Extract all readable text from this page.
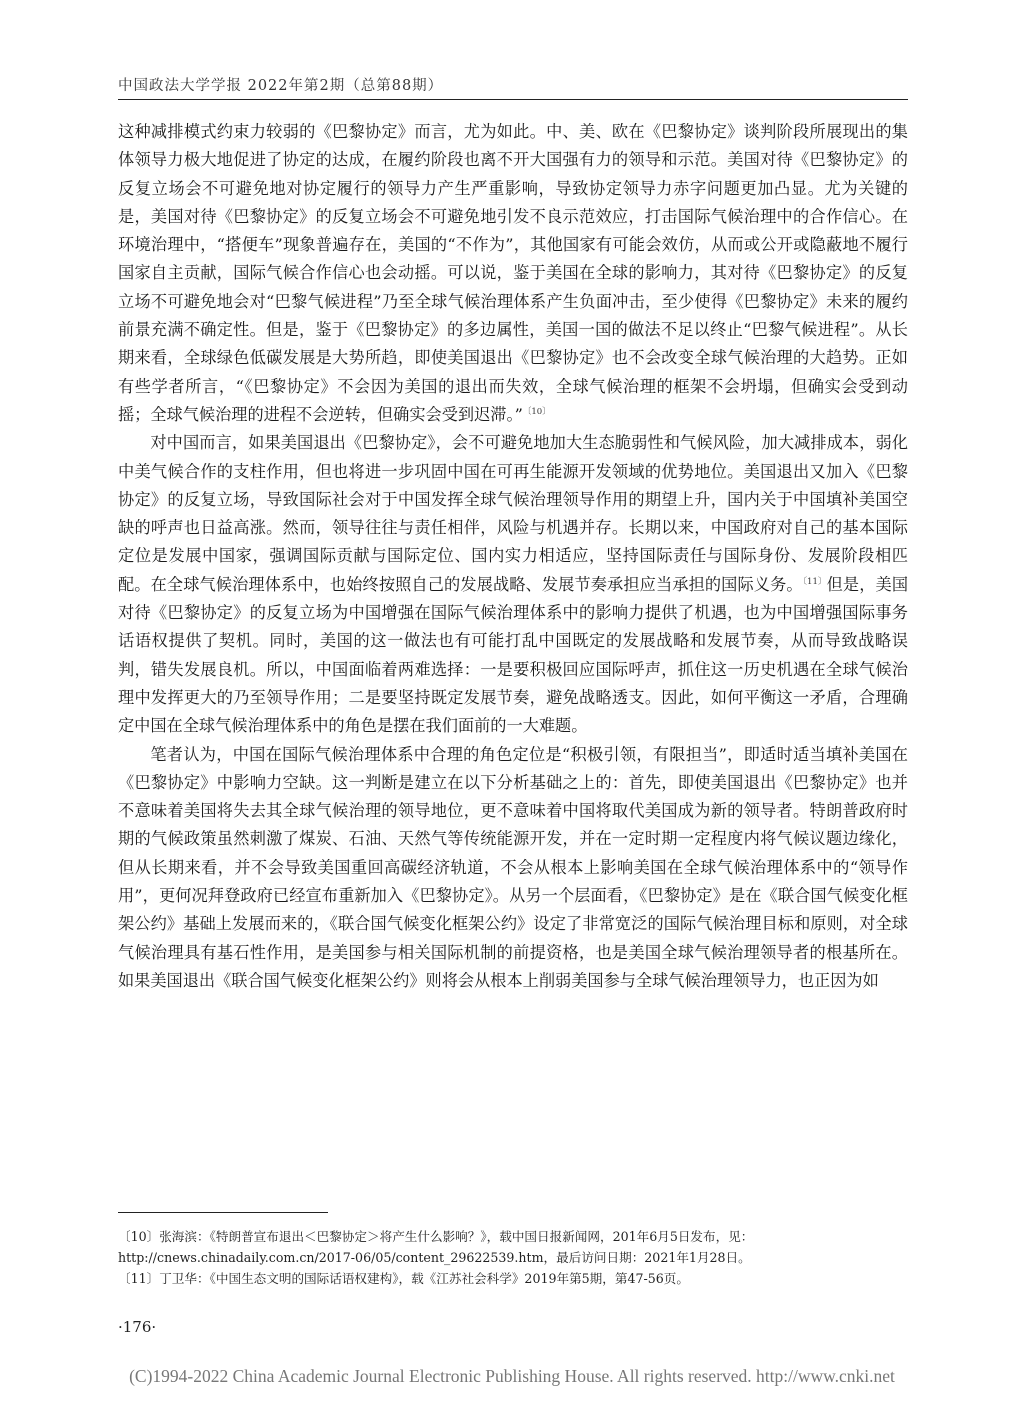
中国政法大学学报 2022年第2期（总第88期）

这种减排模式约束力较弱的《巴黎协定》而言，尤为如此。中、美、欧在《巴黎协定》谈判阶段所展现出的集体领导力极大地促进了协定的达成，在履约阶段也离不开大国强有力的领导和示范。美国对待《巴黎协定》的反复立场会不可避免地对协定履行的领导力产生严重影响，导致协定领导力赤字问题更加凸显。尤为关键的是，美国对待《巴黎协定》的反复立场会不可避免地引发不良示范效应，打击国际气候治理中的合作信心。在环境治理中，“搭便车”现象普遍存在，美国的“不作为”，其他国家有可能会效仿，从而或公开或隐蔽地不履行国家自主贡献，国际气候合作信心也会动摇。可以说，鉴于美国在全球的影响力，其对待《巴黎协定》的反复立场不可避免地会对“巴黎气候进程”乃至全球气候治理体系产生负面冲击，至少使得《巴黎协定》未来的履约前景充满不确定性。但是，鉴于《巴黎协定》的多边属性，美国一国的做法不足以终止“巴黎气候进程”。从长期来看，全球绿色低碳发展是大势所趋，即使美国退出《巴黎协定》也不会改变全球气候治理的大趋势。正如有些学者所言，“《巴黎协定》不会因为美国的退出而失效，全球气候治理的框架不会坍塌，但确实会受到动摇；全球气候治理的进程不会逆转，但确实会受到迟滞。”$^{〔10〕}$

对中国而言，如果美国退出《巴黎协定》，会不可避免地加大生态脆弱性和气候风险，加大减排成本，弱化中美气候合作的支柱作用，但也将进一步巩固中国在可再生能源开发领域的优势地位。美国退出又加入《巴黎协定》的反复立场，导致国际社会对于中国发挥全球气候治理领导作用的期望上升，国内关于中国填补美国空缺的呼声也日益高涨。然而，领导往往与责任相伴，风险与机遇并存。长期以来，中国政府对自己的基本国际定位是发展中国家，强调国际贡献与国际定位、国内实力相适应，坚持国际责任与国际身份、发展阶段相匹配。在全球气候治理体系中，也始终按照自己的发展战略、发展节奏承担应当承担的国际义务。$^{〔11〕}$但是，美国对待《巴黎协定》的反复立场为中国增强在国际气候治理体系中的影响力提供了机遇，也为中国增强国际事务话语权提供了契机。同时，美国的这一做法也有可能打乱中国既定的发展战略和发展节奏，从而导致战略误判，错失发展良机。所以，中国面临着两难选择：一是要积极回应国际呼声，抓住这一历史机遇在全球气候治理中发挥更大的乃至领导作用；二是要坚持既定发展节奏，避免战略透支。因此，如何平衡这一矛盾，合理确定中国在全球气候治理体系中的角色是摆在我们面前的一大难题。

笔者认为，中国在国际气候治理体系中合理的角色定位是“积极引领，有限担当”，即适时适当填补美国在《巴黎协定》中影响力空缺。这一判断是建立在以下分析基础之上的：首先，即使美国退出《巴黎协定》也并不意味着美国将失去其全球气候治理的领导地位，更不意味着中国将取代美国成为新的领导者。特朗普政府时期的气候政策虽然刺激了煤炭、石油、天然气等传统能源开发，并在一定时期一定程度内将气候议题边缘化，但从长期来看，并不会导致美国重回高碳经济轨道，不会从根本上影响美国在全球气候治理体系中的“领导作用”，更何况拜登政府已经宣布重新加入《巴黎协定》。从另一个层面看，《巴黎协定》是在《联合国气候变化框架公约》基础上发展而来的，《联合国气候变化框架公约》设定了非常宽泛的国际气候治理目标和原则，对全球气候治理具有基石性作用，是美国参与相关国际机制的前提资格，也是美国全球气候治理领导者的根基所在。如果美国退出《联合国气候变化框架公约》则将会从根本上削弱美国参与全球气候治理领导力，也正因为如

〔10〕张海滨：《特朗普宣布退出＜巴黎协定＞将产生什么影响？》，载中国日报新闻网，201年6月5日发布，见：

http://cnews.chinadaily.com.cn/2017-06/05/content_29622539.htm，最后访问日期：2021年1月28日。

〔11〕丁卫华：《中国生态文明的国际话语权建构》，载《江苏社会科学》2019年第5期，第47-56页。

·176·
(C)1994-2022 China Academic Journal Electronic Publishing House. All rights reserved. http://www.cnki.net
